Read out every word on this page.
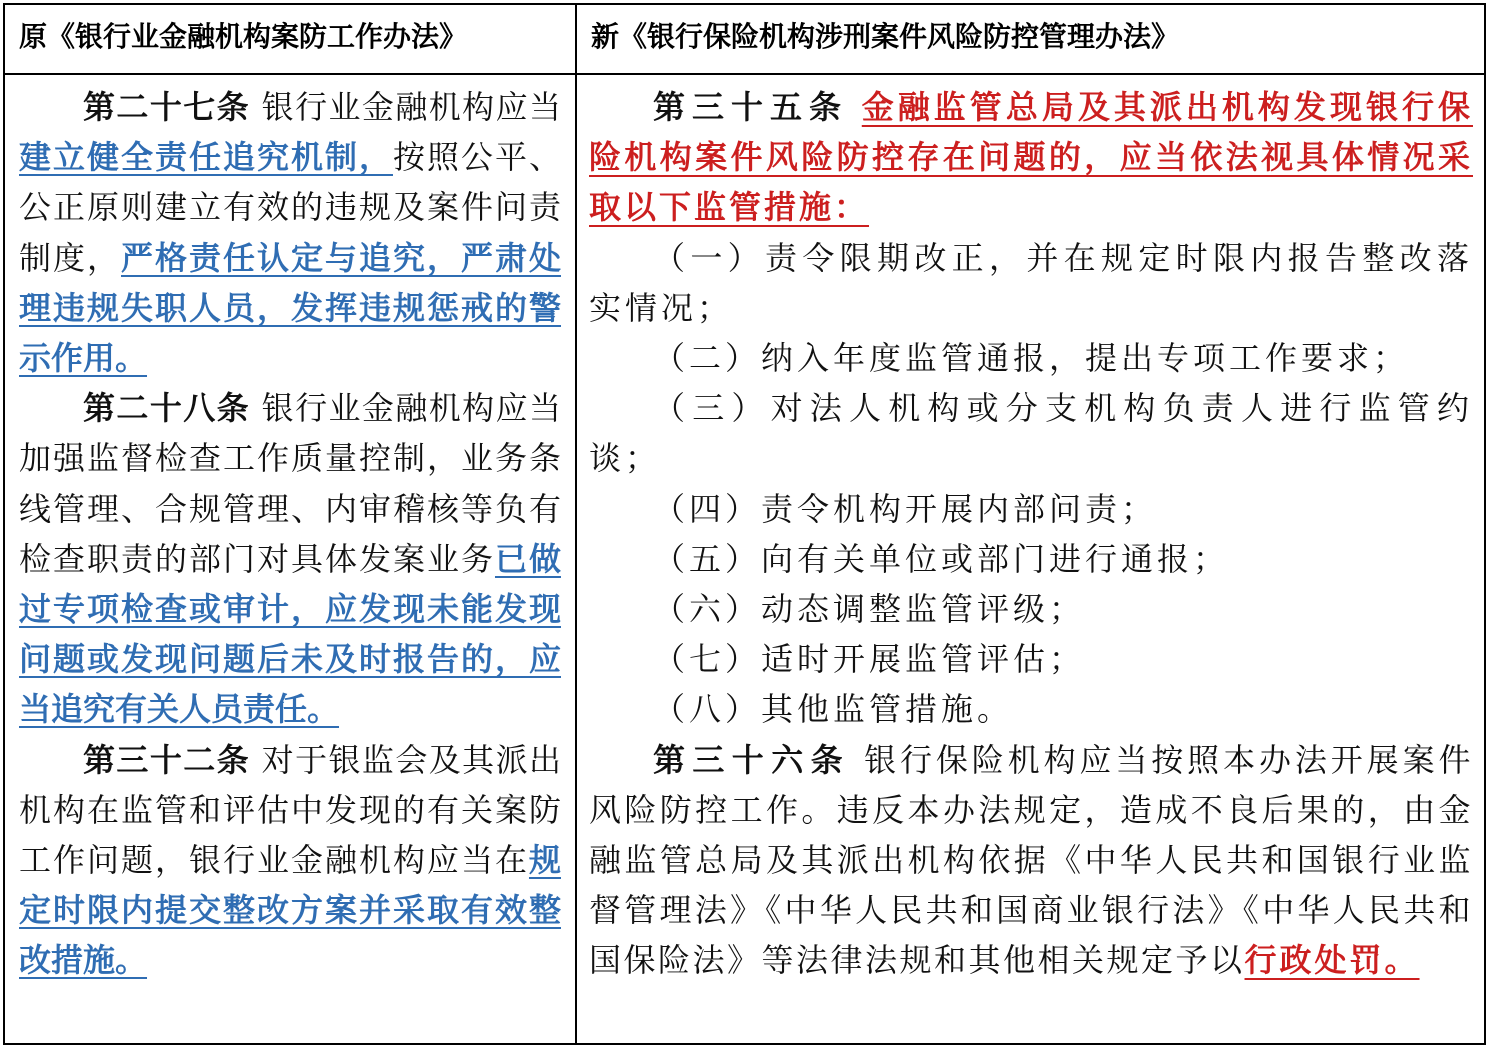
原《银行业金融机构案防工作办法》	新《银行保险机构涉刑案件风险防控管理办法》

第二十七条 银行业金融机构应当建立健全责任追究机制，按照公平、公正原则建立有效的违规及案件问责制度，严格责任认定与追究，严肃处理违规失职人员，发挥违规惩戒的警示作用。

第二十八条 银行业金融机构应当加强监督检查工作质量控制，业务条线管理、合规管理、内审稽核等负有检查职责的部门对具体发案业务已做过专项检查或审计，应发现未能发现问题或发现问题后未及时报告的，应当追究有关人员责任。

第三十二条 对于银监会及其派出机构在监管和评估中发现的有关案防工作问题，银行业金融机构应当在规定时限内提交整改方案并采取有效整改措施。

第三十五条 金融监管总局及其派出机构发现银行保险机构案件风险防控存在问题的，应当依法视具体情况采取以下监管措施：

（一）责令限期改正，并在规定时限内报告整改落实情况；

（二）纳入年度监管通报，提出专项工作要求；

（三）对法人机构或分支机构负责人进行监管约谈；

（四）责令机构开展内部问责；

（五）向有关单位或部门进行通报；

（六）动态调整监管评级；

（七）适时开展监管评估；

（八）其他监管措施。

第三十六条 银行保险机构应当按照本办法开展案件风险防控工作。违反本办法规定，造成不良后果的，由金融监管总局及其派出机构依据《中华人民共和国银行业监督管理法》《中华人民共和国商业银行法》《中华人民共和国保险法》等法律法规和其他相关规定予以行政处罚。
